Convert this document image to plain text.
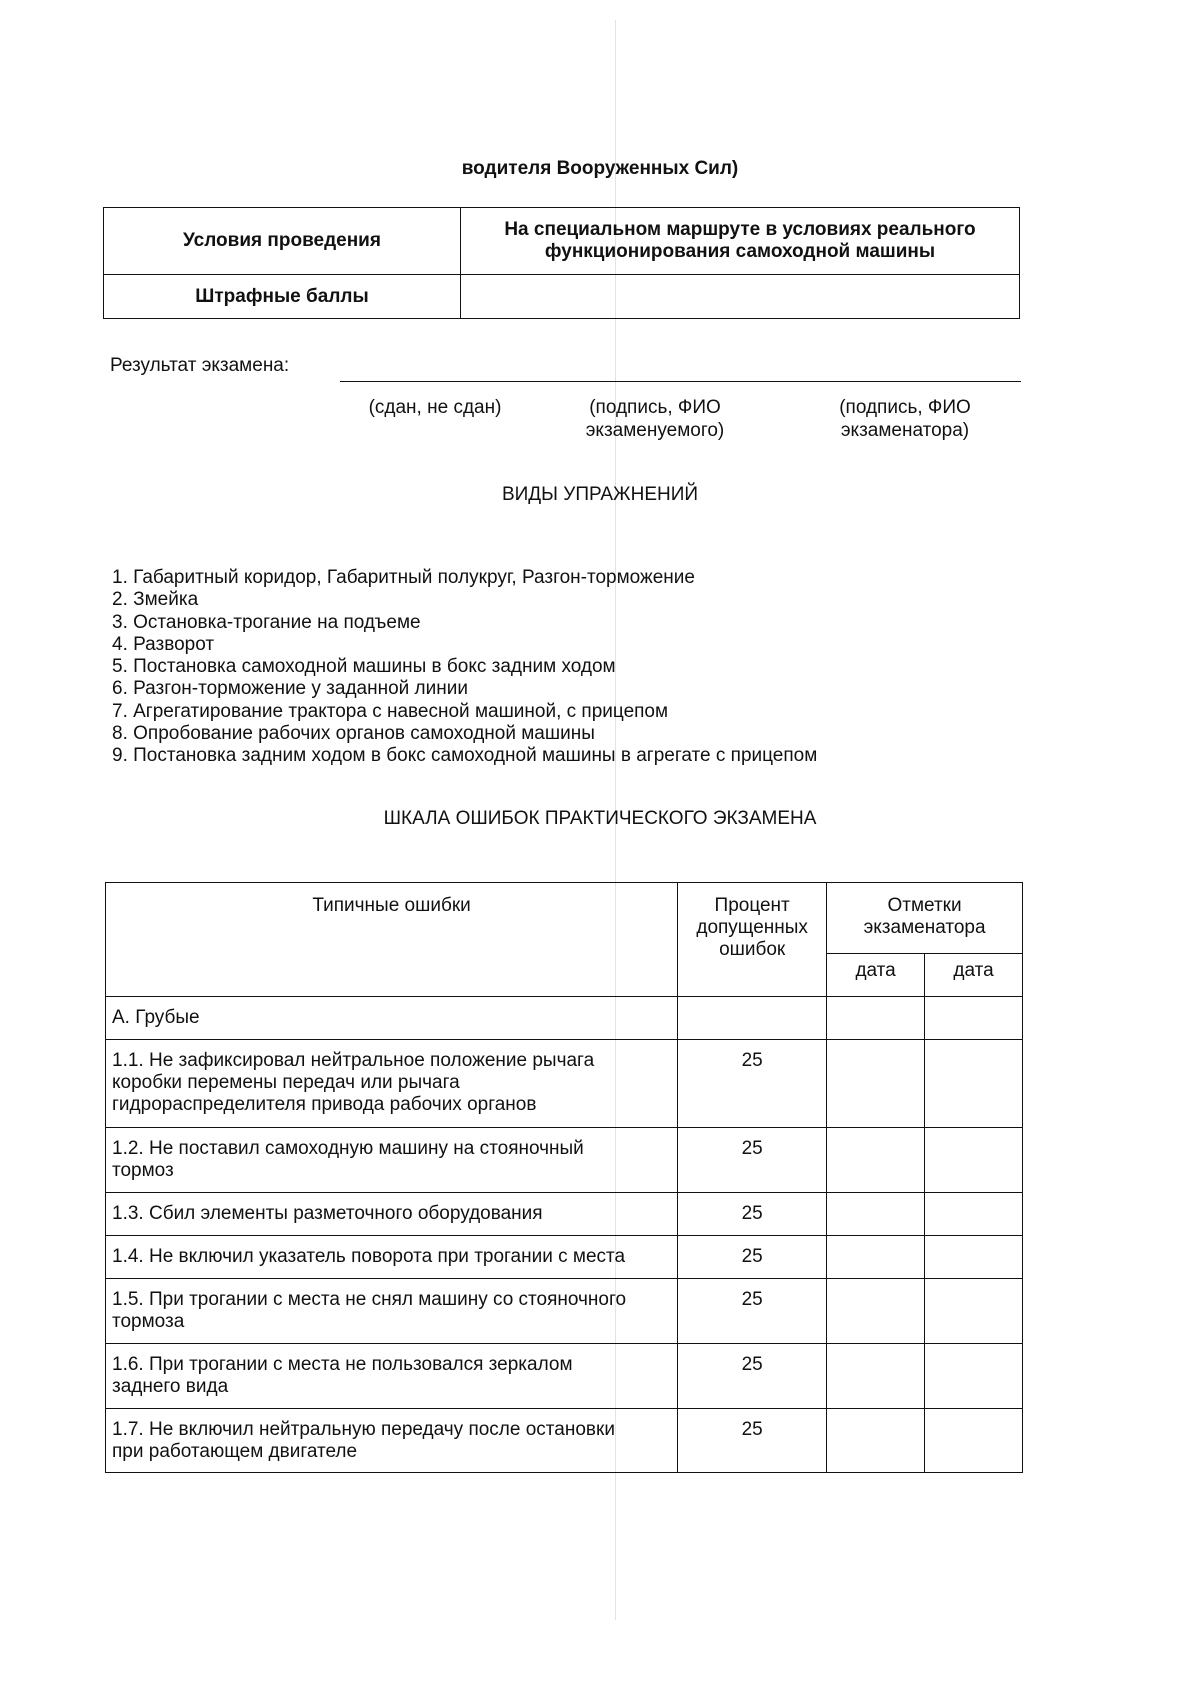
водителя Вооруженных Сил)
Условия проведения	На специальном маршруте в условиях реального
функционирования самоходной машины
Штрафные баллы	
Результат экзамена:
(сдан, не сдан)	(подпись, ФИО
экзаменуемого)
(подпись, ФИО
экзаменатора)
ВИДЫ УПРАЖНЕНИЙ
1. Габаритный коридор, Габаритный полукруг, Разгон-торможение
2. Змейка
3. Остановка-трогание на подъеме
4. Разворот
5. Постановка самоходной машины в бокс задним ходом
6. Разгон-торможение у заданной линии
7. Агрегатирование трактора с навесной машиной, с прицепом
8. Опробование рабочих органов самоходной машины
9. Постановка задним ходом в бокс самоходной машины в агрегате с прицепом
ШКАЛА ОШИБОК ПРАКТИЧЕСКОГО ЭКЗАМЕНА
Типичные ошибки	Процент
допущенных
ошибок	Отметки
экзаменатора	
		дата	дата
А. Грубые			
1.1. Не зафиксировал нейтральное положение рычага
коробки перемены передач или рычага
гидрораспределителя привода рабочих органов	25		
1.2. Не поставил самоходную машину на стояночный
тормоз	25		
1.3. Сбил элементы разметочного оборудования	25		
1.4. Не включил указатель поворота при трогании с места	25		
1.5. При трогании с места не снял машину со стояночного
тормоза	25		
1.6. При трогании с места не пользовался зеркалом
заднего вида	25		
1.7. Не включил нейтральную передачу после остановки
при работающем двигателе	25		
